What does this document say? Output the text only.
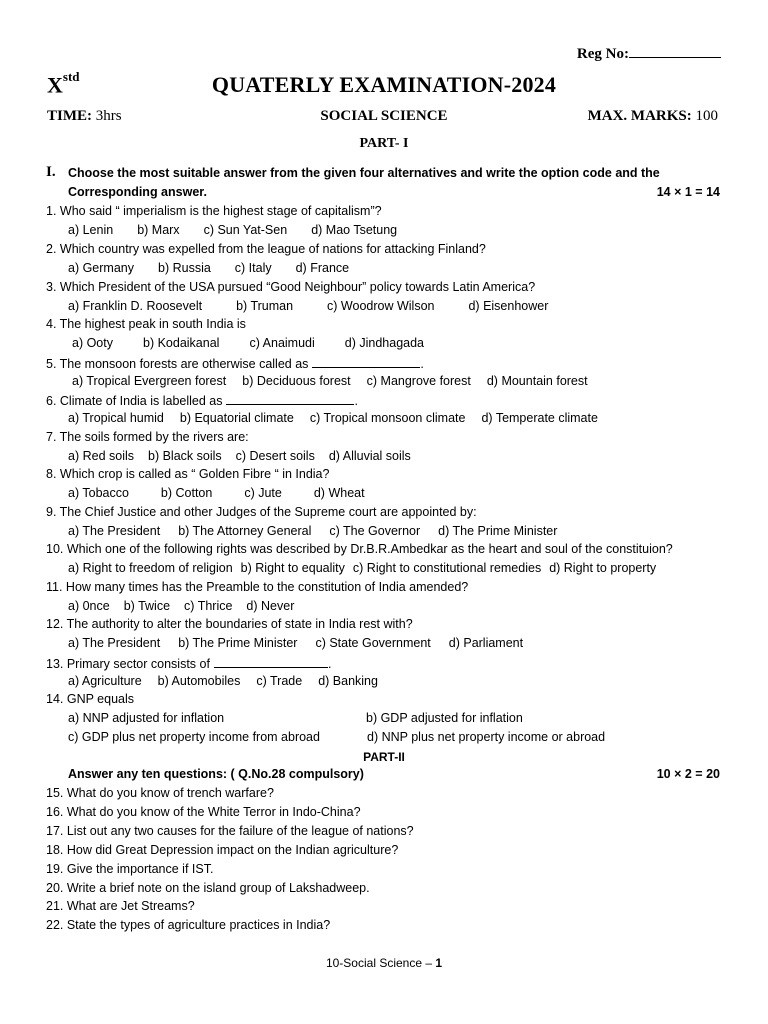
Reg No:
$X^{std}$	QUATERLY EXAMINATION-2024
TIME: 3hrs	SOCIAL SCIENCE	MAX. MARKS: 100
PART- I
I. Choose the most suitable answer from the given four alternatives and write the option code and the
Corresponding answer.	14 × 1 = 14
1. Who said “ imperialism is the highest stage of capitalism”?
a) Lenin b) Marx c) Sun Yat-Sen d) Mao Tsetung
2. Which country was expelled from the league of nations for attacking Finland?
a) Germany b) Russia c) Italy d) France
3. Which President of the USA pursued “Good Neighbour” policy towards Latin America?
a) Franklin D. Roosevelt	b) Truman	c) Woodrow Wilson	d) Eisenhower
4. The highest peak in south India is
a) Ooty b) Kodaikanal c) Anaimudi d) Jindhagada
5. The monsoon forests are otherwise called as	.
a) Tropical Evergreen forest b) Deciduous forest c) Mangrove forest d) Mountain forest
6. Climate of India is labelled as	.
a) Tropical humid b) Equatorial climate c) Tropical monsoon climate d) Temperate climate
7. The soils formed by the rivers are:
a) Red soils b) Black soils c) Desert soils d) Alluvial soils
8. Which crop is called as “ Golden Fibre “ in India?
a) Tobacco	b) Cotton	c) Jute	d) Wheat
9. The Chief Justice and other Judges of the Supreme court are appointed by:
a) The President b) The Attorney General c) The Governor d) The Prime Minister
10. Which one of the following rights was described by Dr.B.R.Ambedkar as the heart and soul of the constituion?
a) Right to freedom of religion b) Right to equality c) Right to constitutional remedies d) Right to property
11. How many times has the Preamble to the constitution of India amended?
a) 0nce b) Twice c) Thrice d) Never
12. The authority to alter the boundaries of state in India rest with?
a) The President b) The Prime Minister c) State Government d) Parliament
13. Primary sector consists of	.
a) Agriculture b) Automobiles c) Trade d) Banking
14. GNP equals
a) NNP adjusted for inflation	b) GDP adjusted for inflation
c) GDP plus net property income from abroad	d) NNP plus net property income or abroad
PART-II
Answer any ten questions: ( Q.No.28 compulsory)	10 × 2 = 20
15. What do you know of trench warfare?
16. What do you know of the White Terror in Indo-China?
17. List out any two causes for the failure of the league of nations?
18. How did Great Depression impact on the Indian agriculture?
19. Give the importance if IST.
20. Write a brief note on the island group of Lakshadweep.
21. What are Jet Streams?
22. State the types of agriculture practices in India?
10-Social Science – 1
